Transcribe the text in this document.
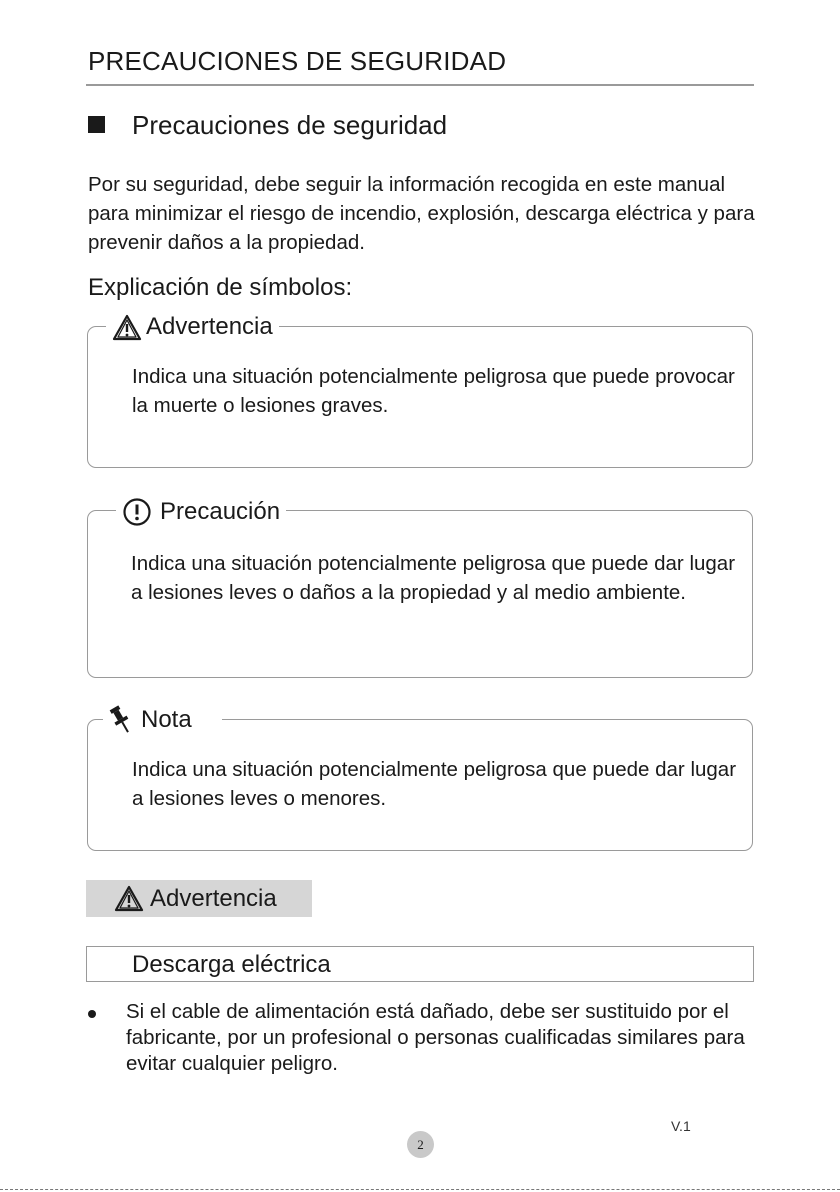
PRECAUCIONES DE SEGURIDAD
Precauciones de seguridad
Por su seguridad, debe seguir la información recogida en este manual para minimizar el riesgo de incendio, explosión, descarga eléctrica y para prevenir daños a la propiedad.
Explicación de símbolos:
Advertencia
Indica una situación potencialmente peligrosa que puede provocar la muerte o lesiones graves.
Precaución
Indica una situación potencialmente peligrosa que puede dar lugar a lesiones leves o daños a la propiedad y al medio ambiente.
Nota
Indica una situación potencialmente peligrosa que puede dar lugar a lesiones leves o menores.
Advertencia
Descarga eléctrica
Si el cable de alimentación está dañado, debe ser sustituido por el fabricante, por un profesional o personas cualificadas similares para evitar cualquier peligro.
V.1
2
